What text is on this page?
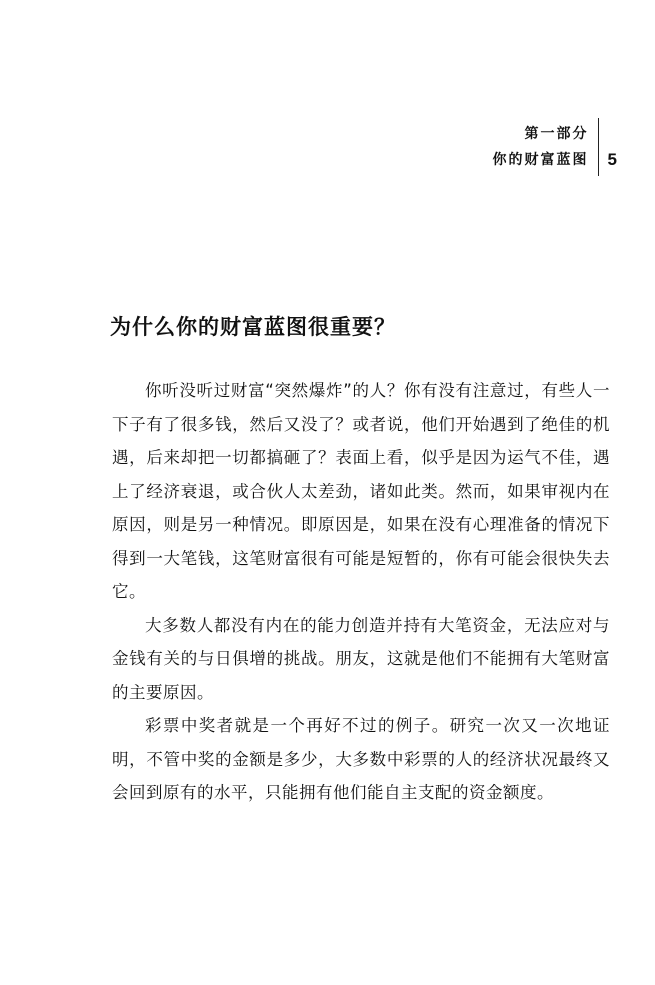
第一部分
你的财富蓝图 5
为什么你的财富蓝图很重要？

你听没听过财富“突然爆炸”的人？你有没有注意过，有些人一下子有了很多钱，然后又没了？或者说，他们开始遇到了绝佳的机遇，后来却把一切都搞砸了？表面上看，似乎是因为运气不佳，遇上了经济衰退，或合伙人太差劲，诸如此类。然而，如果审视内在原因，则是另一种情况。即原因是，如果在没有心理准备的情况下得到一大笔钱，这笔财富很有可能是短暂的，你有可能会很快失去它。

大多数人都没有内在的能力创造并持有大笔资金，无法应对与金钱有关的与日俱增的挑战。朋友，这就是他们不能拥有大笔财富的主要原因。

彩票中奖者就是一个再好不过的例子。研究一次又一次地证明，不管中奖的金额是多少，大多数中彩票的人的经济状况最终又会回到原有的水平，只能拥有他们能自主支配的资金额度。
